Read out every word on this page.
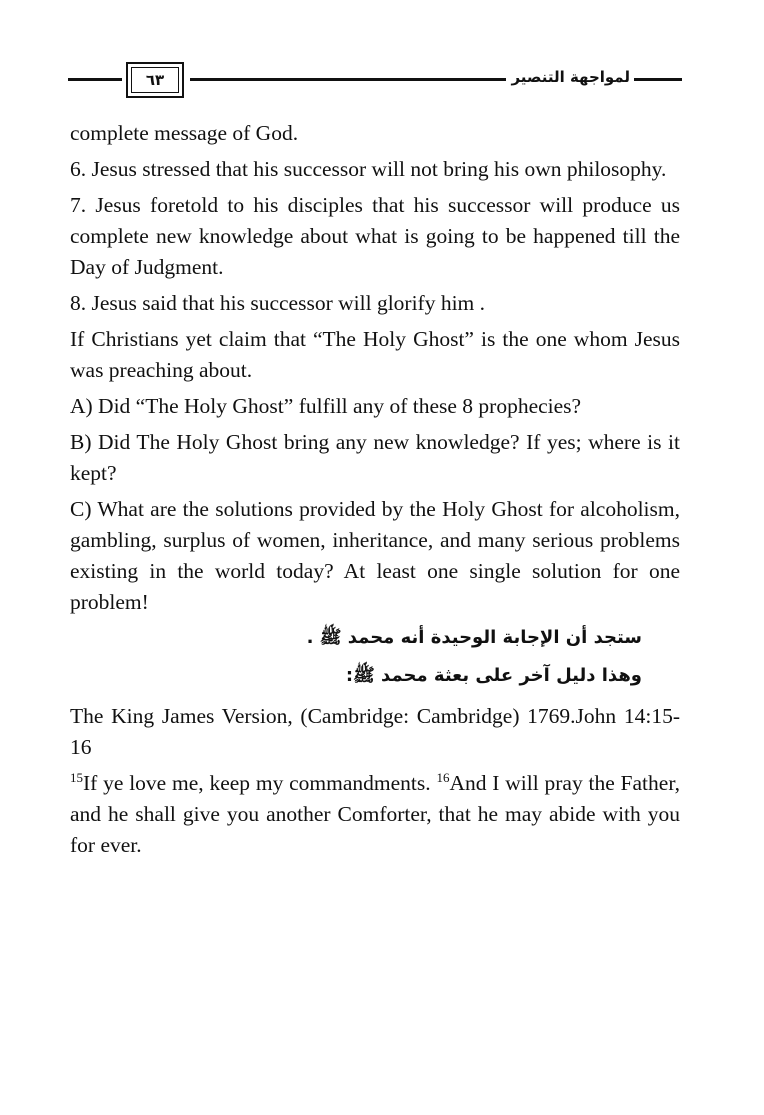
٦٣	لمواجهة التنصير

complete message of God.

6. Jesus stressed that his successor will not bring his own philosophy.

7. Jesus foretold to his disciples that his successor will produce us complete new knowledge about what is going to be happened till the Day of Judgment.

8. Jesus said that his successor will glorify him .

If Christians yet claim that “The Holy Ghost” is the one whom Jesus was preaching about.

A) Did “The Holy Ghost” fulfill any of these 8 prophecies?

B) Did The Holy Ghost bring any new knowledge? If yes; where is it kept?

C) What are the solutions provided by the Holy Ghost for alcoholism, gambling, surplus of women, inheritance, and many serious problems existing in the world today? At least one single solution for one problem!

ستجد أن الإجابة الوحيدة أنه محمد ﷺ .

وهذا دليل آخر على بعثة محمد ﷺ:

The King James Version, (Cambridge: Cambridge) 1769.John 14:15-16

$^{15}$If ye love me, keep my commandments. $^{16}$And I will pray the Father, and he shall give you another Comforter, that he may abide with you for ever.
